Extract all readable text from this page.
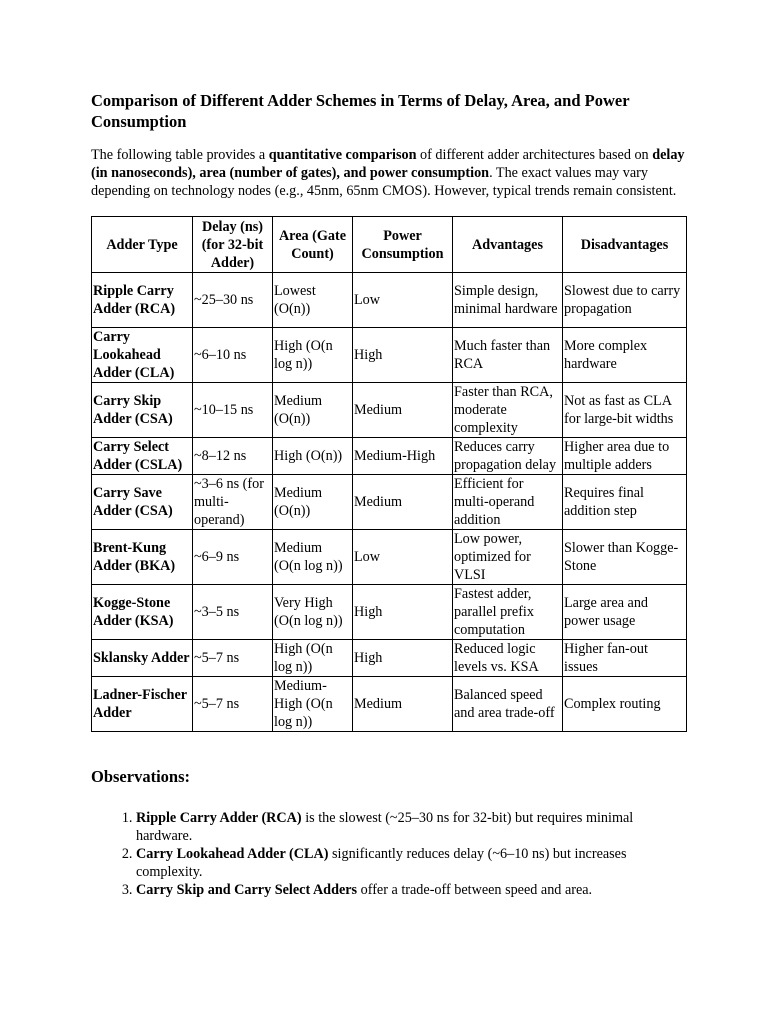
Comparison of Different Adder Schemes in Terms of Delay, Area, and Power Consumption

The following table provides a quantitative comparison of different adder architectures based on delay (in nanoseconds), area (number of gates), and power consumption. The exact values may vary depending on technology nodes (e.g., 45nm, 65nm CMOS). However, typical trends remain consistent.

Adder Type	Delay (ns) (for 32-bit Adder)	Area (Gate Count)	Power Consumption	Advantages	Disadvantages
Ripple Carry Adder (RCA)	~25–30 ns	Lowest (O(n))	Low	Simple design, minimal hardware	Slowest due to carry propagation
Carry Lookahead Adder (CLA)	~6–10 ns	High (O(n log n))	High	Much faster than RCA	More complex hardware
Carry Skip Adder (CSA)	~10–15 ns	Medium (O(n))	Medium	Faster than RCA, moderate complexity	Not as fast as CLA for large-bit widths
Carry Select Adder (CSLA)	~8–12 ns	High (O(n))	Medium-High	Reduces carry propagation delay	Higher area due to multiple adders
Carry Save Adder (CSA)	~3–6 ns (for multi-operand)	Medium (O(n))	Medium	Efficient for multi-operand addition	Requires final addition step
Brent-Kung Adder (BKA)	~6–9 ns	Medium (O(n log n))	Low	Low power, optimized for VLSI	Slower than Kogge-Stone
Kogge-Stone Adder (KSA)	~3–5 ns	Very High (O(n log n))	High	Fastest adder, parallel prefix computation	Large area and power usage
Sklansky Adder	~5–7 ns	High (O(n log n))	High	Reduced logic levels vs. KSA	Higher fan-out issues
Ladner-Fischer Adder	~5–7 ns	Medium-High (O(n log n))	Medium	Balanced speed and area trade-off	Complex routing
Observations:
1. Ripple Carry Adder (RCA) is the slowest (~25–30 ns for 32-bit) but requires minimal hardware.
2. Carry Lookahead Adder (CLA) significantly reduces delay (~6–10 ns) but increases complexity.
3. Carry Skip and Carry Select Adders offer a trade-off between speed and area.
